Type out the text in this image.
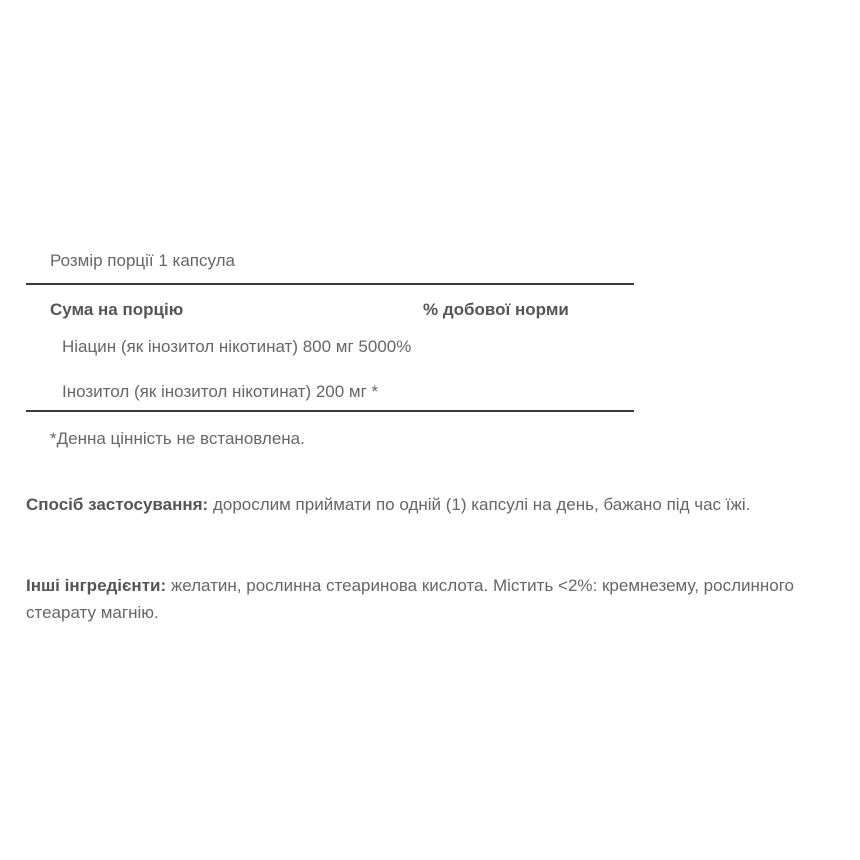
Розмір порції 1 капсула
Сума на порцію	% добової норми
Ніацин (як інозитол нікотинат) 800 мг 5000%
Інозитол (як інозитол нікотинат) 200 мг *
*Денна цінність не встановлена.
Спосіб застосування: дорослим приймати по одній (1) капсулі на день, бажано під час їжі.
Інші інгредієнти: желатин, рослинна стеаринова кислота. Містить <2%: кремнезему, рослинного стеарату магнію.
